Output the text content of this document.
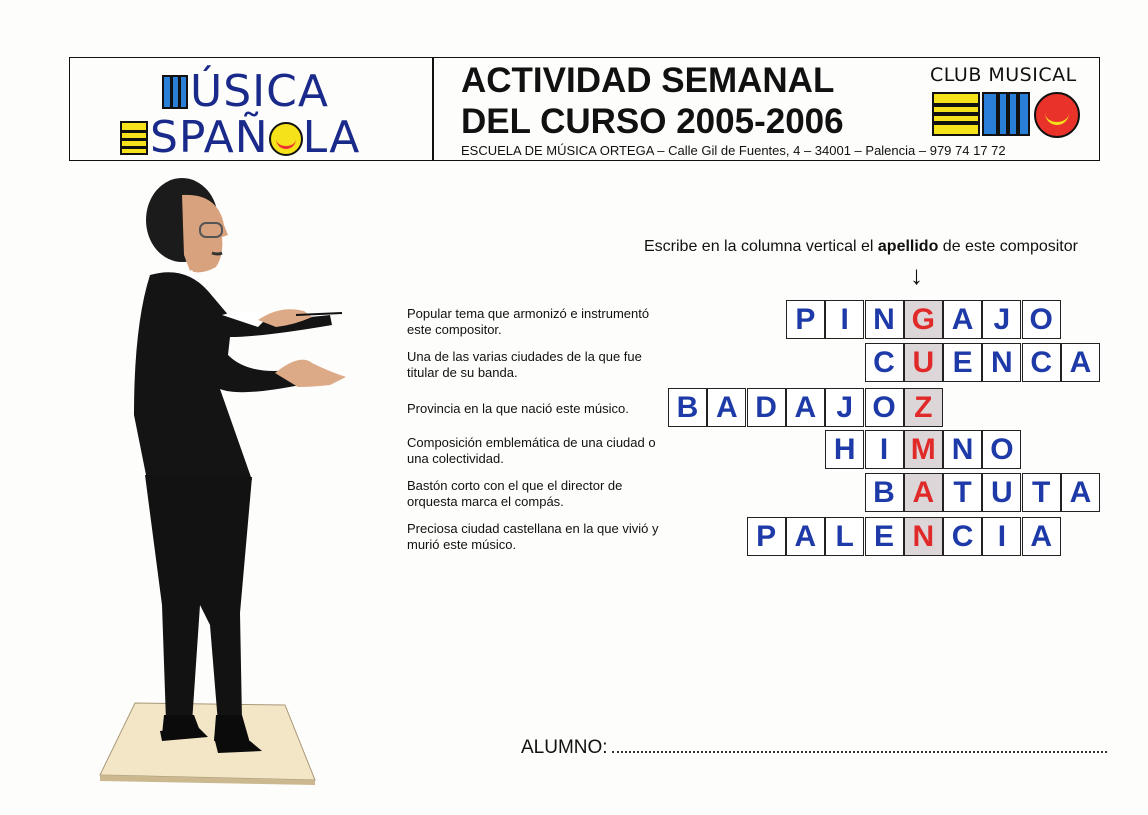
ÚSICA
SPAÑ LA
ACTIVIDAD SEMANAL
DEL CURSO 2005-2006
ESCUELA DE MÚSICA ORTEGA – Calle Gil de Fuentes, 4 – 34001 – Palencia – 979 74 17 72
CLUB MUSICAL
Escribe en la columna vertical el apellido de este compositor
↓
Popular tema que armonizó e instrumentó este compositor.
Una de las varias ciudades de la que fue titular de su banda.
Provincia en la que nació este músico.
Composición emblemática de una ciudad o una colectividad.
Bastón corto con el que el director de orquesta marca el compás.
Preciosa ciudad castellana en la que vivió y murió este músico.
P I N G A J O
C U E N C A
B A D A J O Z
H I M N O
B A T U T A
P A L E N C I A
ALUMNO:
